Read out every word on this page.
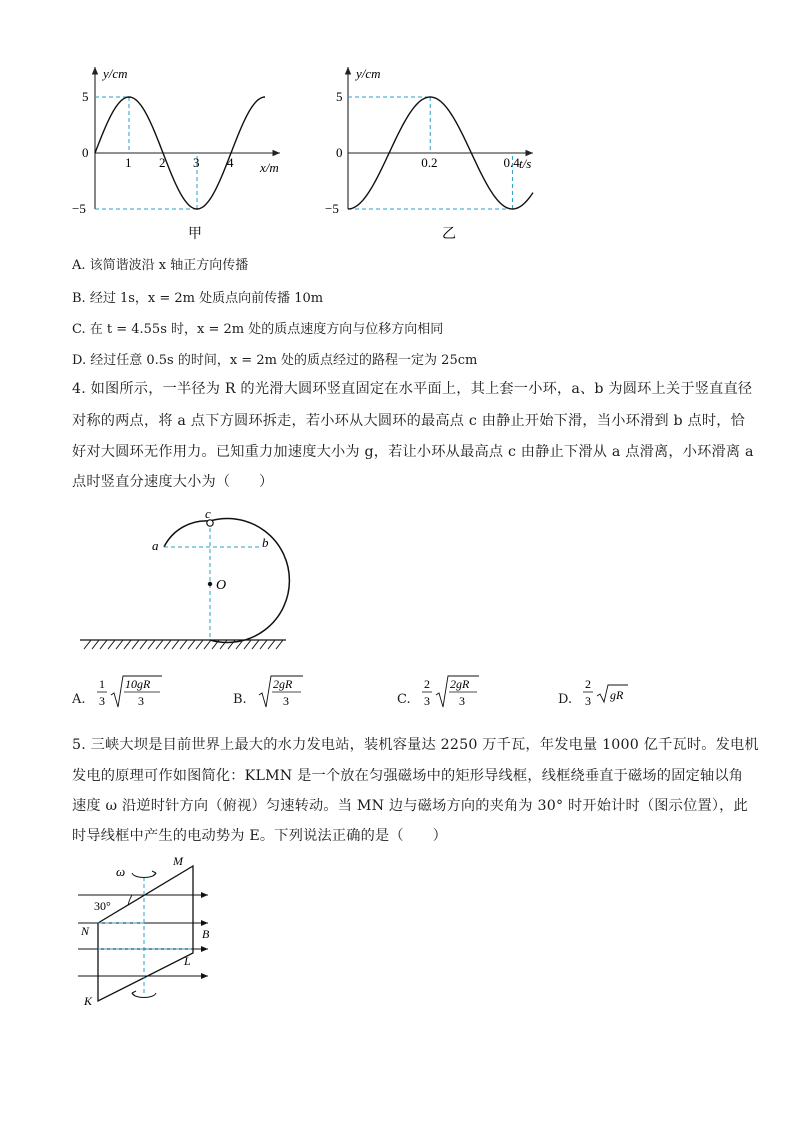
1 2 3 4
5
0
−5
y/cm
x/m
甲
0.2	0.4
5
0
−5
y/cm
t/s
乙
A. 该简谐波沿 x 轴正方向传播
B. 经过 1s，x = 2m 处质点向前传播 10m
C. 在 t = 4.55s 时，x = 2m 处的质点速度方向与位移方向相同
D. 经过任意 0.5s 的时间，x = 2m 处的质点经过的路程一定为 25cm
4. 如图所示，一半径为 R 的光滑大圆环竖直固定在水平面上，其上套一小环，a、b 为圆环上关于竖直直径
对称的两点，将 a 点下方圆环拆走，若小环从大圆环的最高点 c 由静止开始下滑，当小环滑到 b 点时，恰
好对大圆环无作用力。已知重力加速度大小为 g，若让小环从最高点 c 由静止下滑从 a 点滑离，小环滑离 a
点时竖直分速度大小为（　　）
c
a	b
O
A.
1
3
10gR
3	B.
2gR
3	C.
2
3
2gR
3	D.
2
3 gR
5. 三峡大坝是目前世界上最大的水力发电站，装机容量达 2250 万千瓦，年发电量 1000 亿千瓦时。发电机
发电的原理可作如图简化：KLMN 是一个放在匀强磁场中的矩形导线框，线框绕垂直于磁场的固定轴以角
速度 ω 沿逆时针方向（俯视）匀速转动。当 MN 边与磁场方向的夹角为 30° 时开始计时（图示位置），此
时导线框中产生的电动势为 E。下列说法正确的是（　　）
ω
30°
M
N	B
L
K
